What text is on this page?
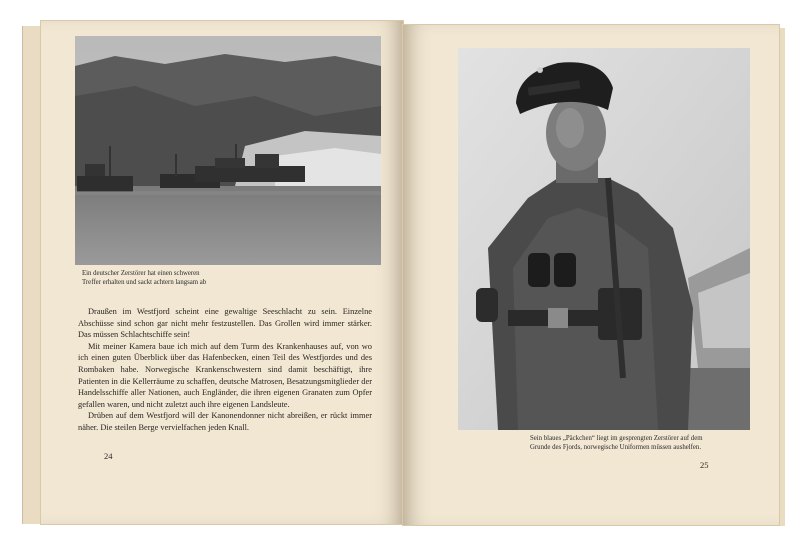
Ein deutscher Zerstörer hat einen schweren
Treffer erhalten und sackt achtern langsam ab

Draußen im Westfjord scheint eine gewaltige Seeschlacht zu sein. Einzelne Abschüsse sind schon gar nicht mehr festzustellen. Das Grollen wird immer stärker. Das müssen Schlachtschiffe sein!

Mit meiner Kamera baue ich mich auf dem Turm des Krankenhauses auf, von wo ich einen guten Überblick über das Hafenbecken, einen Teil des Westfjordes und des Rombaken habe. Norwegische Krankenschwestern sind damit beschäftigt, ihre Patienten in die Kellerräume zu schaffen, deutsche Matrosen, Besatzungsmitglieder der Handelsschiffe aller Nationen, auch Engländer, die ihren eigenen Granaten zum Opfer gefallen waren, und nicht zuletzt auch ihre eigenen Landsleute.

Drüben auf dem Westfjord will der Kanonendonner nicht abreißen, er rückt immer näher. Die steilen Berge vervielfachen jeden Knall.

24
Sein blaues „Päckchen“ liegt im gesprengten Zerstörer auf dem
Grunde des Fjords, norwegische Uniformen müssen aushelfen.
25
